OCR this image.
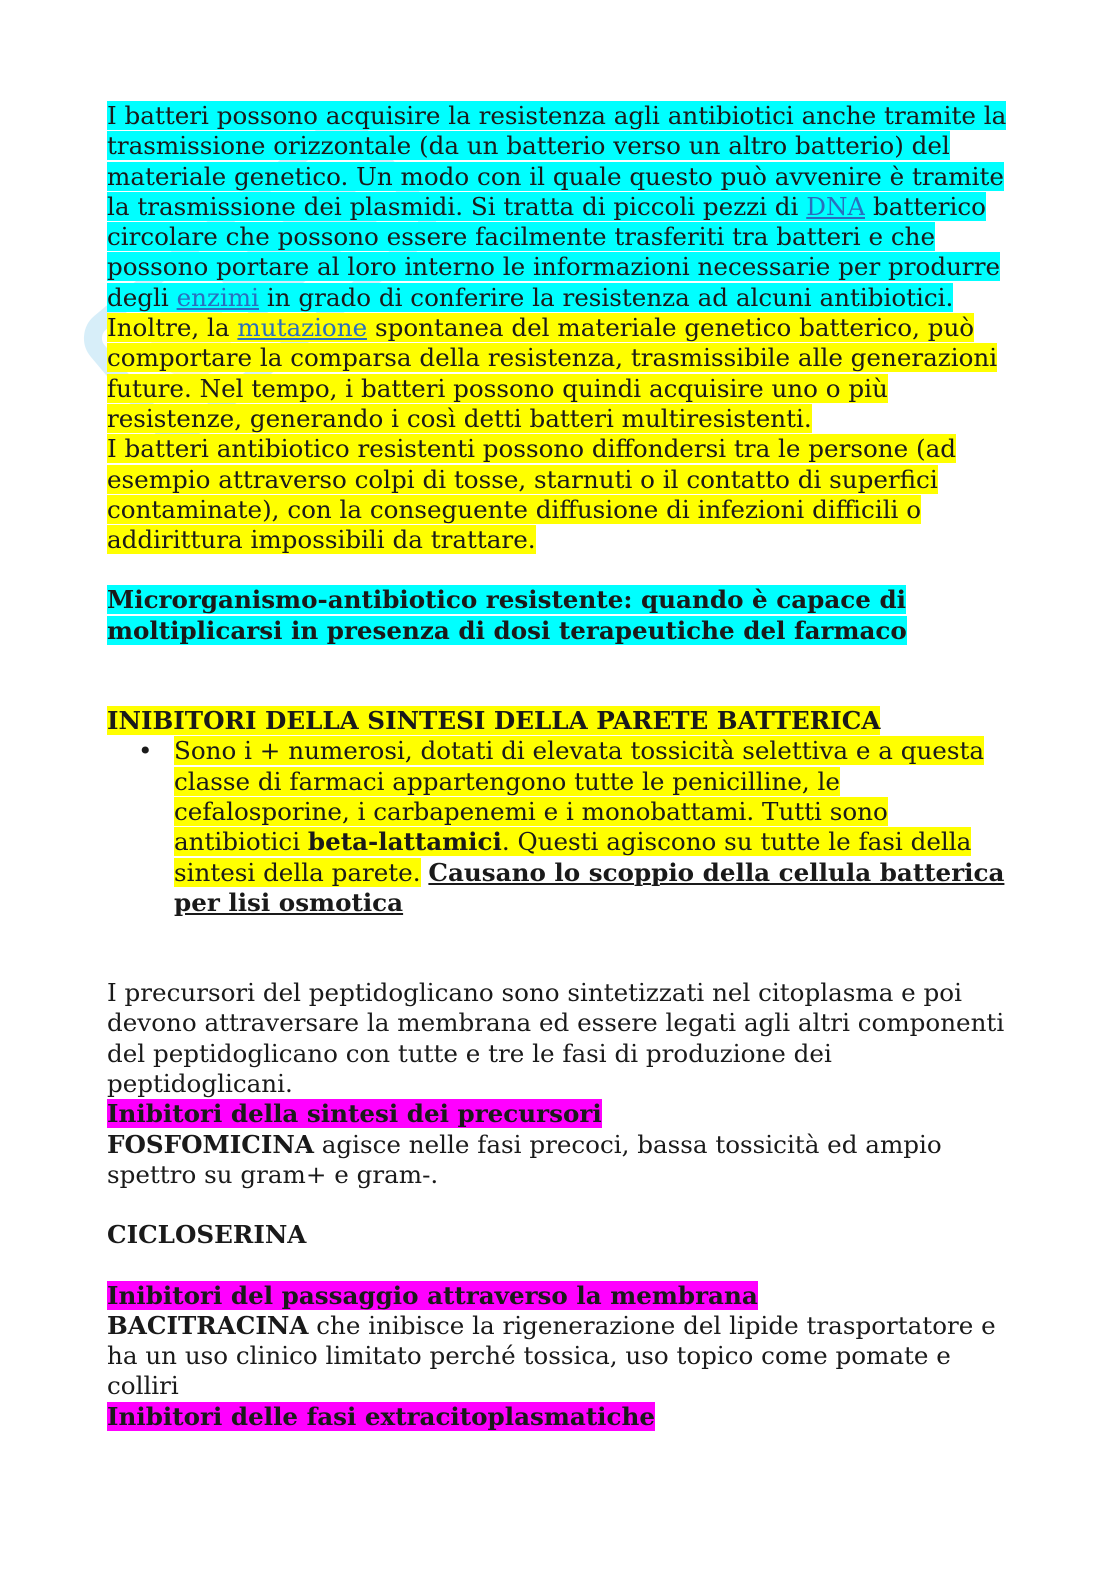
I batteri possono acquisire la resistenza agli antibiotici anche tramite la trasmissione orizzontale (da un batterio verso un altro batterio) del materiale genetico. Un modo con il quale questo può avvenire è tramite la trasmissione dei plasmidi. Si tratta di piccoli pezzi di DNA batterico circolare che possono essere facilmente trasferiti tra batteri e che possono portare al loro interno le informazioni necessarie per produrre degli enzimi in grado di conferire la resistenza ad alcuni antibiotici.

Inoltre, la mutazione spontanea del materiale genetico batterico, può comportare la comparsa della resistenza, trasmissibile alle generazioni future. Nel tempo, i batteri possono quindi acquisire uno o più resistenze, generando i così detti batteri multiresistenti.

I batteri antibiotico resistenti possono diffondersi tra le persone (ad esempio attraverso colpi di tosse, starnuti o il contatto di superfici contaminate), con la conseguente diffusione di infezioni difficili o addirittura impossibili da trattare.

Microrganismo-antibiotico resistente: quando è capace di moltiplicarsi in presenza di dosi terapeutiche del farmaco

INIBITORI DELLA SINTESI DELLA PARETE BATTERICA

• Sono i + numerosi, dotati di elevata tossicità selettiva e a questa classe di farmaci appartengono tutte le penicilline, le cefalosporine, i carbapenemi e i monobattami. Tutti sono antibiotici beta-lattamici. Questi agiscono su tutte le fasi della sintesi della parete. Causano lo scoppio della cellula batterica per lisi osmotica

I precursori del peptidoglicano sono sintetizzati nel citoplasma e poi devono attraversare la membrana ed essere legati agli altri componenti del peptidoglicano con tutte e tre le fasi di produzione dei peptidoglicani.

Inibitori della sintesi dei precursori

FOSFOMICINA agisce nelle fasi precoci, bassa tossicità ed ampio spettro su gram+ e gram-.

CICLOSERINA

Inibitori del passaggio attraverso la membrana

BACITRACINA che inibisce la rigenerazione del lipide trasportatore e ha un uso clinico limitato perché tossica, uso topico come pomate e colliri

Inibitori delle fasi extracitoplasmatiche
